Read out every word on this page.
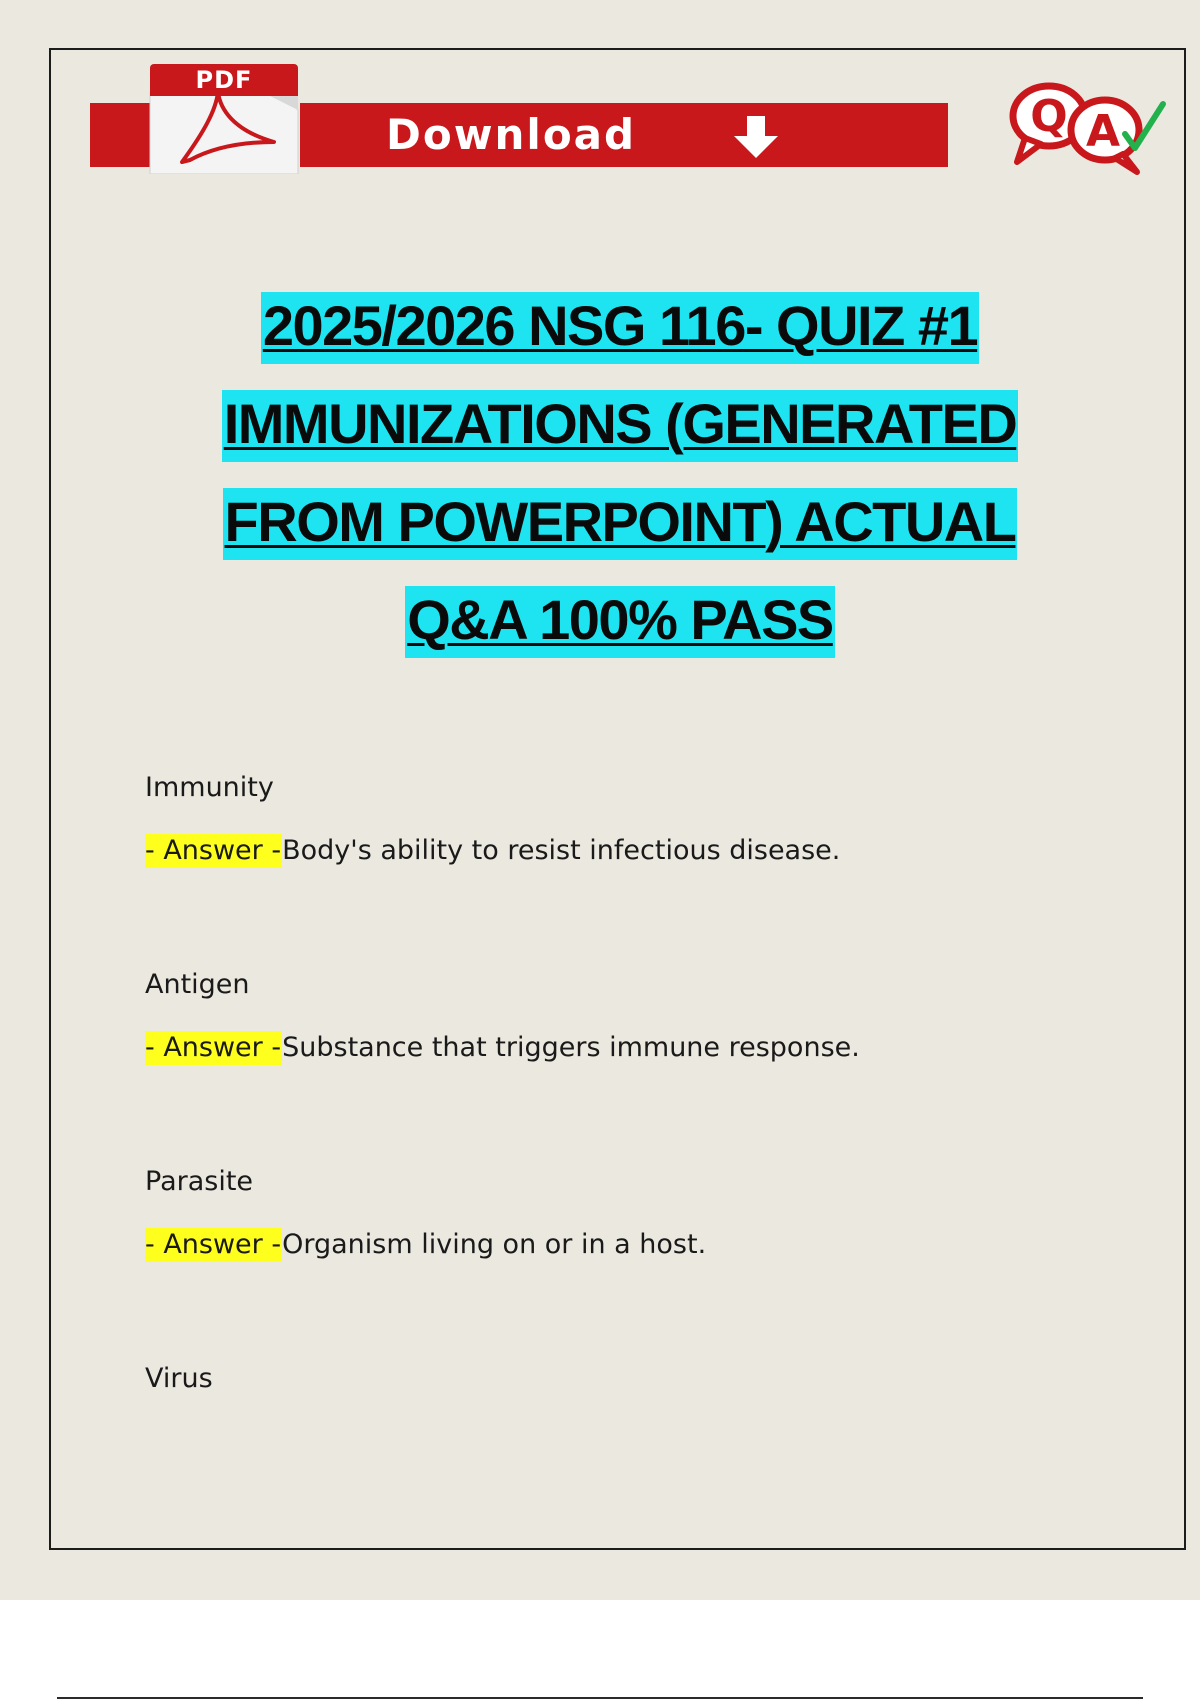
PDF
Download	Q A
2025/2026 NSG 116- QUIZ #1
IMMUNIZATIONS (GENERATED
FROM POWERPOINT) ACTUAL
Q&A 100% PASS
Immunity
- Answer -Body's ability to resist infectious disease.
Antigen
- Answer -Substance that triggers immune response.
Parasite
- Answer -Organism living on or in a host.
Virus
